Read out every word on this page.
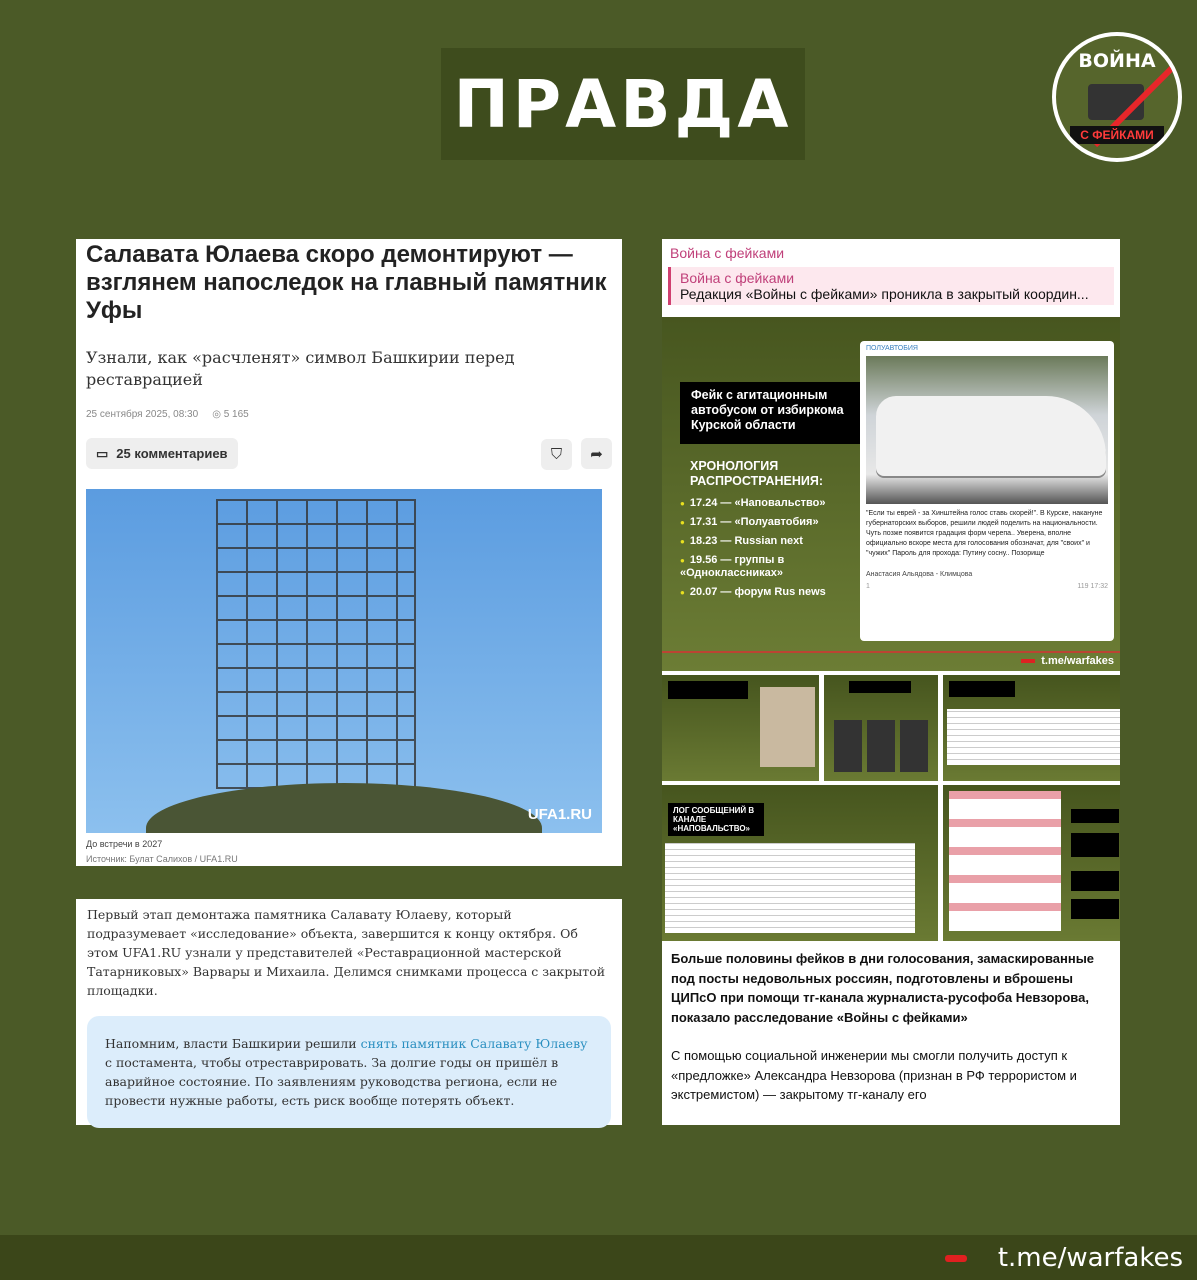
ПРАВДА
ВОЙНА
С ФЕЙКАМИ
Салавата Юлаева скоро демонтируют — взглянем напоследок на главный памятник Уфы
Узнали, как «расчленят» символ Башкирии перед реставрацией
25 сентября 2025, 08:30 ◎ 5 165
▭ 25 комментариев	⛉ ➦
UFA1.RU
До встречи в 2027
Источник: Булат Салихов / UFA1.RU

Первый этап демонтажа памятника Салавату Юлаеву, который подразумевает «исследование» объекта, завершится к концу октября. Об этом UFA1.RU узнали у представителей «Реставрационной мастерской Татарниковых» Варвары и Михаила. Делимся снимками процесса с закрытой площадки.

Напомним, власти Башкирии решили снять памятник Салавату Юлаеву с постамента, чтобы отреставрировать. За долгие годы он пришёл в аварийное состояние. По заявлениям руководства региона, если не провести нужные работы, есть риск вообще потерять объект.
Война с фейками
Война с фейками
Редакция «Войны с фейками» проникла в закрытый координ...
Фейк с агитационным автобусом от избиркома Курской области
ХРОНОЛОГИЯ РАСПРОСТРАНЕНИЯ:
● 17.24 — «Наповальство»
● 17.31 — «Полуавтобия»
● 18.23 — Russian next
● 19.56 — группы в «Одноклассниках»
● 20.07 — форум Rus news
ПОЛУАВТОБИЯ
"Если ты еврей - за Хинштейна голос ставь скорей!". В Курске, накануне губернаторских выборов, решили людей поделить на национальности. Чуть позже появится градация форм черепа.. Уверена, вполне официально вскоре места для голосования обозначат, для "своих" и "чужих" Пароль для прохода: Путину сосну.. Позорище
Анастасия Альядова - Климцова
1	119 17:32
t.me/warfakes
ЛОГ СООБЩЕНИЙ В КАНАЛЕ «НАПОВАЛЬСТВО»
Больше половины фейков в дни голосования, замаскированные под посты недовольных россиян, подготовлены и вброшены ЦИПсО при помощи тг-канала журналиста-русофоба Невзорова, показало расследование «Войны с фейками»
С помощью социальной инженерии мы смогли получить доступ к «предложке» Александра Невзорова (признан в РФ террористом и экстремистом) — закрытому тг-каналу его
t.me/warfakes
